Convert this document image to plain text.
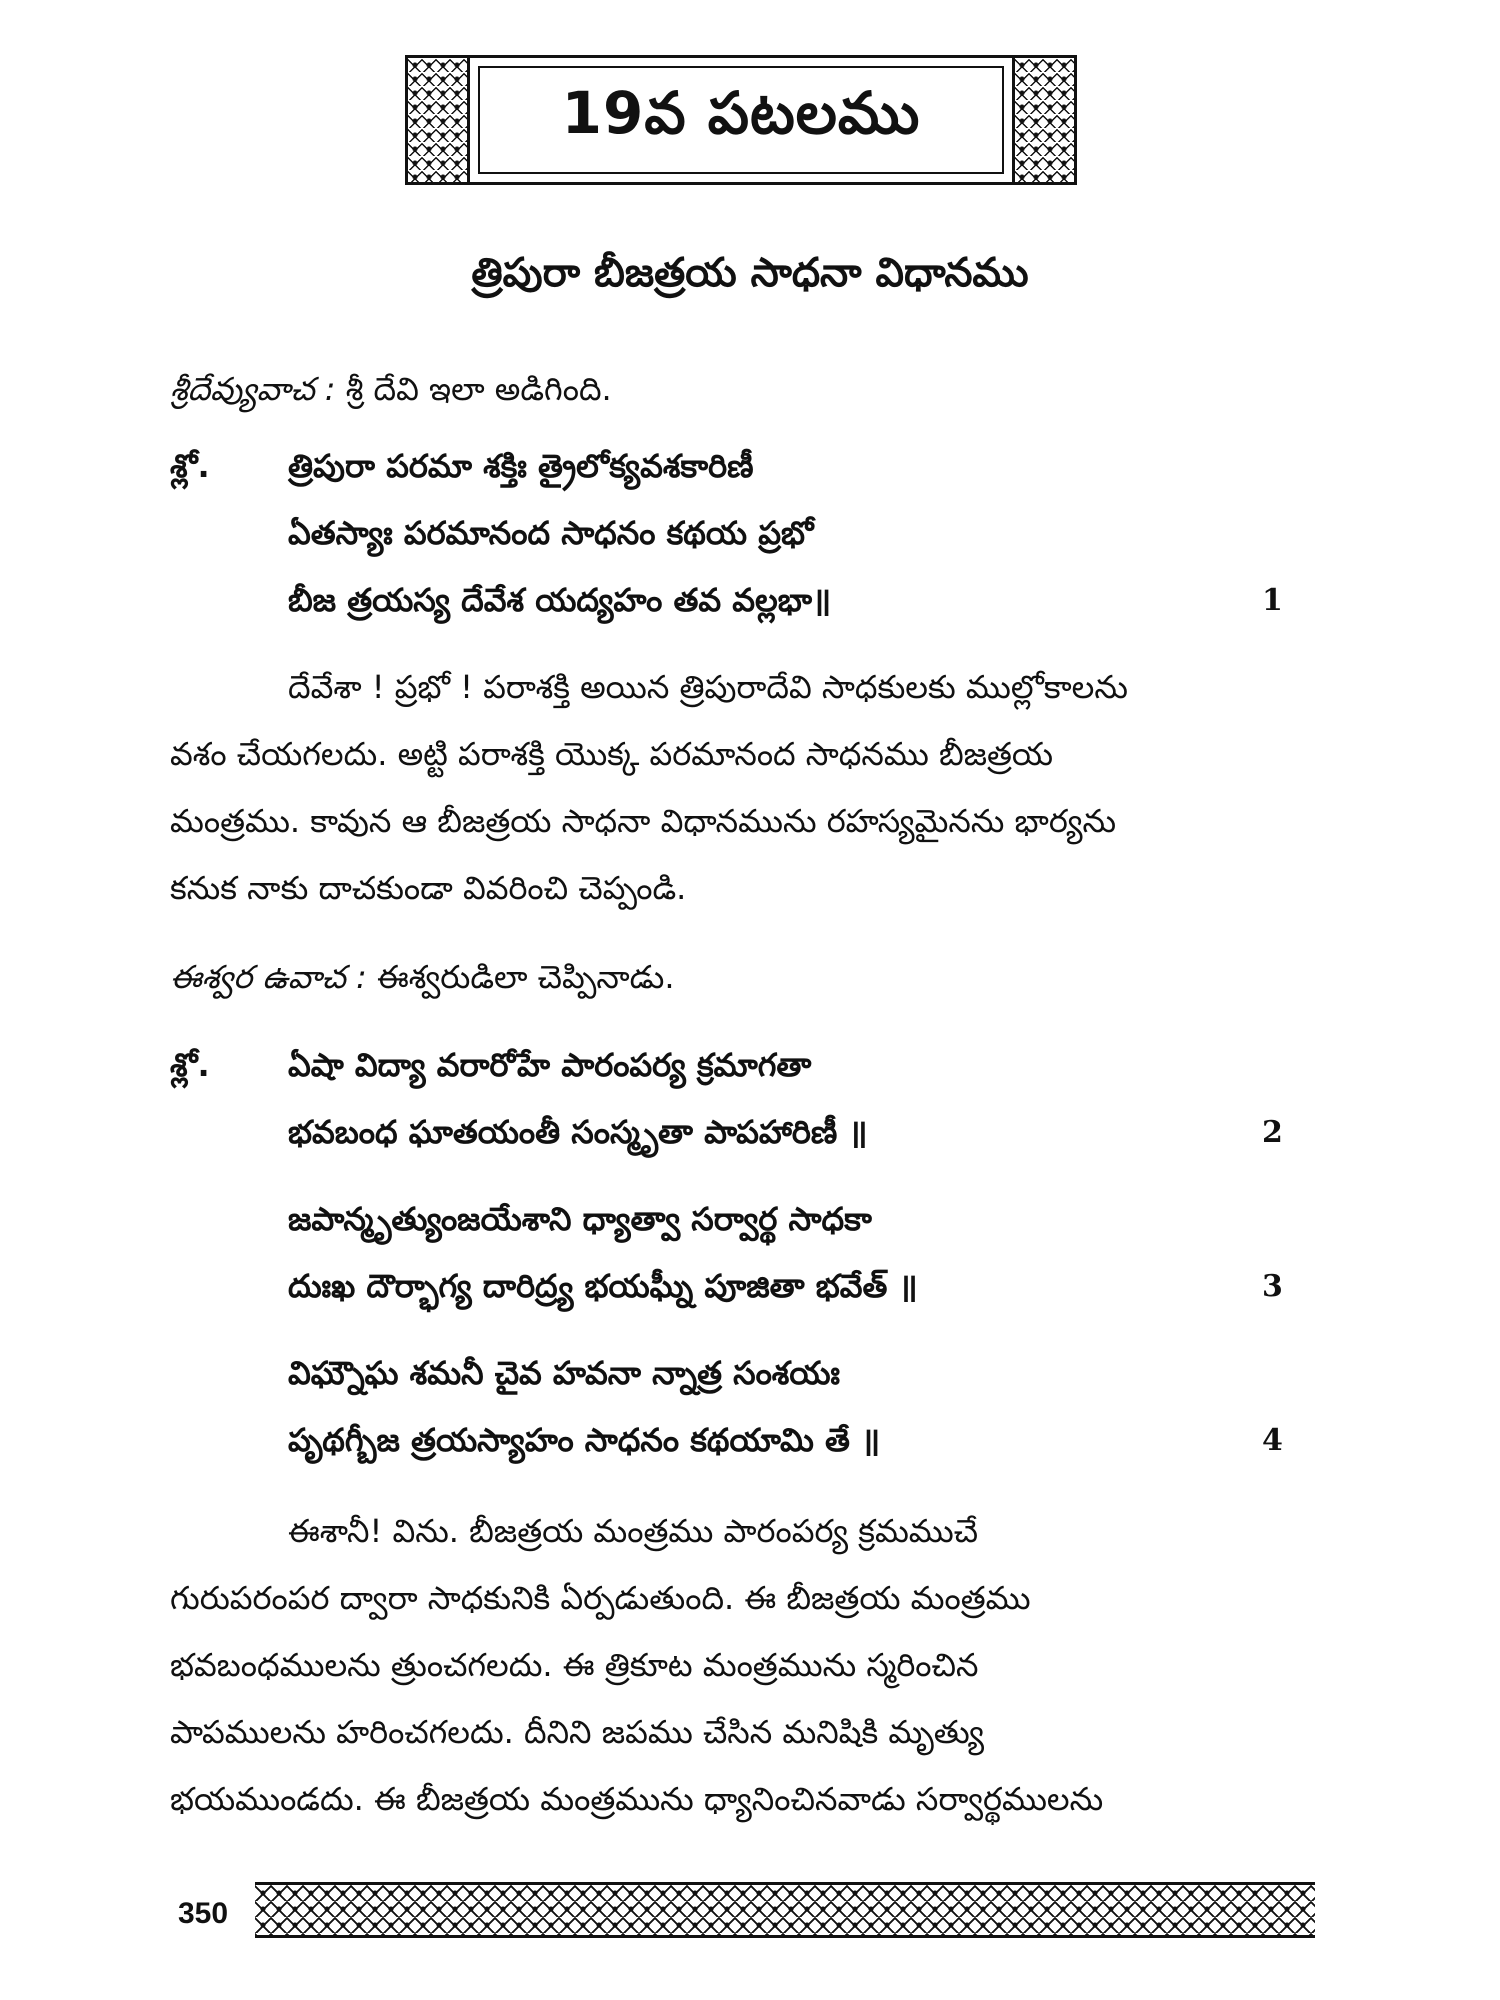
19వ పటలము
త్రిపురా బీజత్రయ సాధనా విధానము
శ్రీదేవ్యువాచ : శ్రీ దేవి ఇలా అడిగింది.
శ్లో. త్రిపురా పరమా శక్తిః త్రైలోక్యవశకారిణీ
ఏతస్యాః పరమానంద సాధనం కథయ ప్రభో
బీజ త్రయస్య దేవేశ యద్యహం తవ వల్లభా॥	1
దేవేశా ! ప్రభో ! పరాశక్తి అయిన త్రిపురాదేవి సాధకులకు ముల్లోకాలను
వశం చేయగలదు. అట్టి పరాశక్తి యొక్క పరమానంద సాధనము బీజత్రయ
మంత్రము. కావున ఆ బీజత్రయ సాధనా విధానమును రహస్యమైనను భార్యను
కనుక నాకు దాచకుండా వివరించి చెప్పండి.
ఈశ్వర ఉవాచ : ఈశ్వరుడిలా చెప్పినాడు.
శ్లో. ఏషా విద్యా వరారోహే పారంపర్య క్రమాగతా
భవబంధ ఘాతయంతీ సంస్మృతా పాపహారిణీ ॥	2
జపాన్మృత్యుంజయేశాని ధ్యాత్వా సర్వార్థ సాధకా
దుఃఖ దౌర్భాగ్య దారిద్ర్య భయఘ్నీ పూజితా భవేత్ ॥	3
విఘ్నౌఘ శమనీ చైవ హవనా న్నాత్ర సంశయః
పృథగ్బీజ త్రయస్యాహం సాధనం కథయామి తే ॥	4
ఈశానీ! విను. బీజత్రయ మంత్రము పారంపర్య క్రమముచే
గురుపరంపర ద్వారా సాధకునికి ఏర్పడుతుంది. ఈ బీజత్రయ మంత్రము
భవబంధములను త్రుంచగలదు. ఈ త్రికూట మంత్రమును స్మరించిన
పాపములను హరించగలదు. దీనిని జపము చేసిన మనిషికి మృత్యు
భయముండదు. ఈ బీజత్రయ మంత్రమును ధ్యానించినవాడు సర్వార్థములను
350
